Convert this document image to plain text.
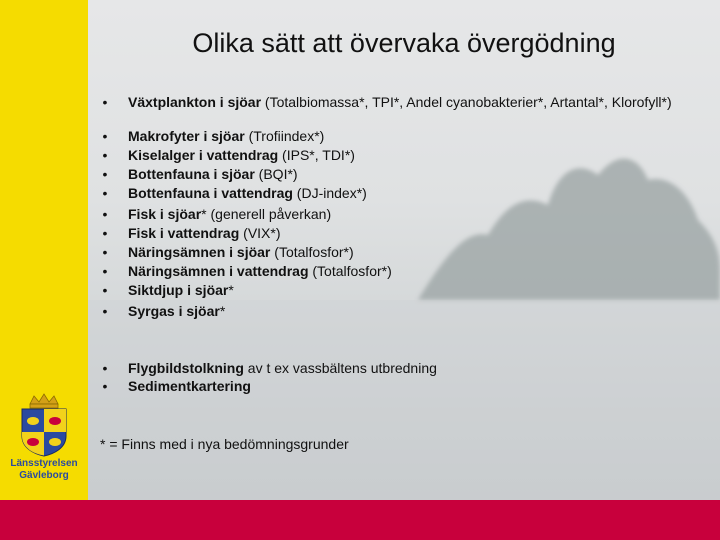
Olika sätt att övervaka övergödning
• Växtplankton i sjöar (Totalbiomassa*, TPI*, Andel cyanobakterier*, Artantal*, Klorofyll*)
• Makrofyter i sjöar (Trofiindex*)
• Kiselalger i vattendrag (IPS*, TDI*)
• Bottenfauna i sjöar (BQI*)
• Bottenfauna i vattendrag (DJ-index*)
• Fisk i sjöar* (generell påverkan)
• Fisk i vattendrag (VIX*)
• Näringsämnen i sjöar (Totalfosfor*)
• Näringsämnen i vattendrag (Totalfosfor*)
• Siktdjup i sjöar*
• Syrgas i sjöar*
• Flygbildstolkning av t ex vassbältens utbredning
• Sedimentkartering
* = Finns med i nya bedömningsgrunder
Länsstyrelsen
Gävleborg
